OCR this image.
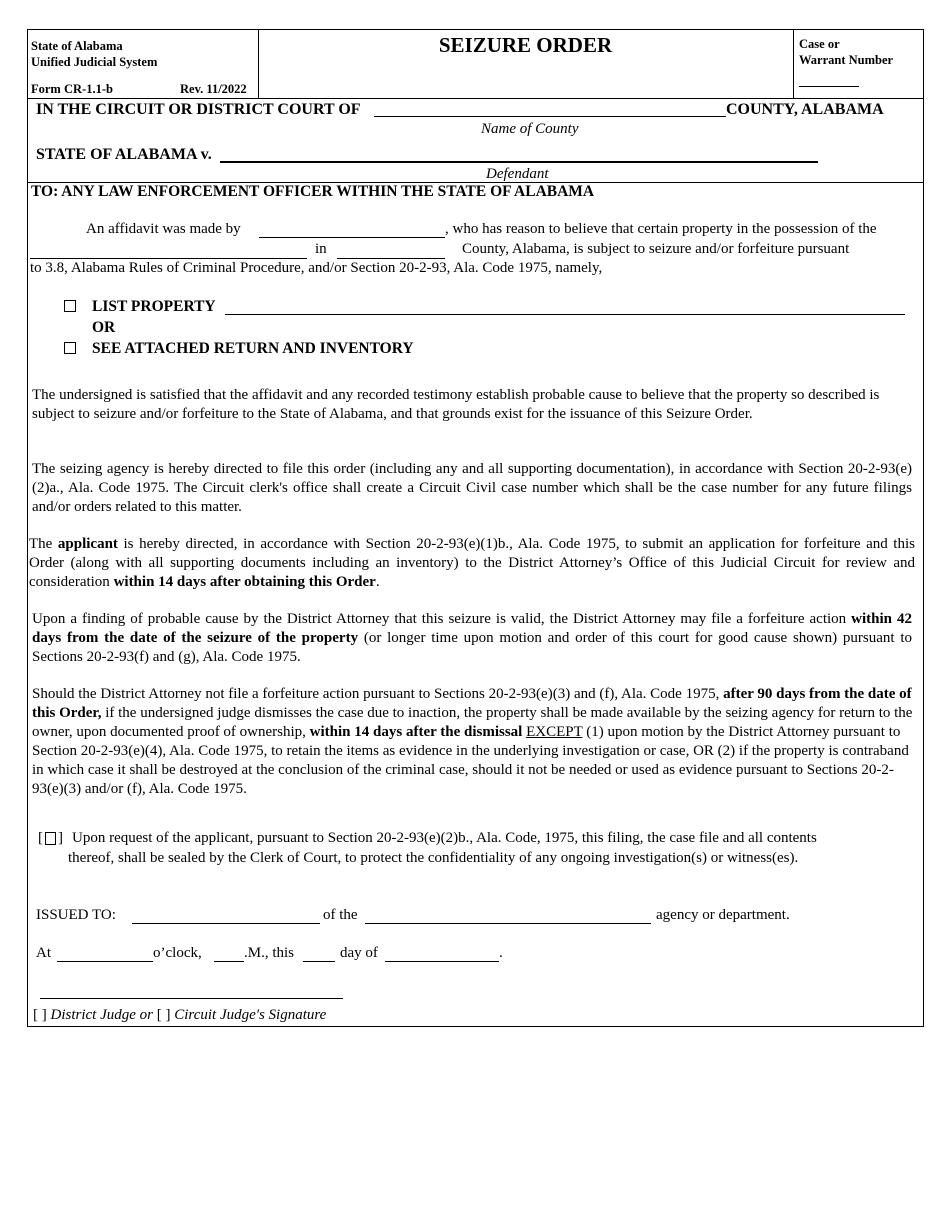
State of Alabama
Unified Judicial System
Form CR-1.1-b	Rev. 11/2022
SEIZURE ORDER	Case or
Warrant Number
IN THE CIRCUIT OR DISTRICT COURT OF	COUNTY, ALABAMA
Name of County
STATE OF ALABAMA v.
Defendant
TO: ANY LAW ENFORCEMENT OFFICER WITHIN THE STATE OF ALABAMA
An affidavit was made by	, who has reason to believe that certain property in the possession of the
in	County, Alabama, is subject to seizure and/or forfeiture pursuant
to 3.8, Alabama Rules of Criminal Procedure, and/or Section 20-2-93, Ala. Code 1975, namely,
LIST PROPERTY
OR
SEE ATTACHED RETURN AND INVENTORY
The undersigned is satisfied that the affidavit and any recorded testimony establish probable cause to believe that the property so described is subject to seizure and/or forfeiture to the State of Alabama, and that grounds exist for the issuance of this Seizure Order.
The seizing agency is hereby directed to file this order (including any and all supporting documentation), in accordance with Section 20-2-93(e)(2)a., Ala. Code 1975. The Circuit clerk's office shall create a Circuit Civil case number which shall be the case number for any future filings and/or orders related to this matter.
The applicant is hereby directed, in accordance with Section 20-2-93(e)(1)b., Ala. Code 1975, to submit an application for forfeiture and this Order (along with all supporting documents including an inventory) to the District Attorney’s Office of this Judicial Circuit for review and consideration within 14 days after obtaining this Order.
Upon a finding of probable cause by the District Attorney that this seizure is valid, the District Attorney may file a forfeiture action within 42 days from the date of the seizure of the property (or longer time upon motion and order of this court for good cause shown) pursuant to Sections 20-2-93(f) and (g), Ala. Code 1975.
Should the District Attorney not file a forfeiture action pursuant to Sections 20-2-93(e)(3) and (f), Ala. Code 1975, after 90 days from the date of this Order, if the undersigned judge dismisses the case due to inaction, the property shall be made available by the seizing agency for return to the owner, upon documented proof of ownership, within 14 days after the dismissal EXCEPT (1) upon motion by the District Attorney pursuant to Section 20-2-93(e)(4), Ala. Code 1975, to retain the items as evidence in the underlying investigation or case, OR (2) if the property is contraband in which case it shall be destroyed at the conclusion of the criminal case, should it not be needed or used as evidence pursuant to Sections 20-2-93(e)(3) and/or (f), Ala. Code 1975.
[ ] Upon request of the applicant, pursuant to Section 20-2-93(e)(2)b., Ala. Code, 1975, this filing, the case file and all contents
thereof, shall be sealed by the Clerk of Court, to protect the confidentiality of any ongoing investigation(s) or witness(es).
ISSUED TO:	of the	agency or department.
At	o’clock,	.M., this	day of	.
[ ] District Judge or [ ] Circuit Judge's Signature
